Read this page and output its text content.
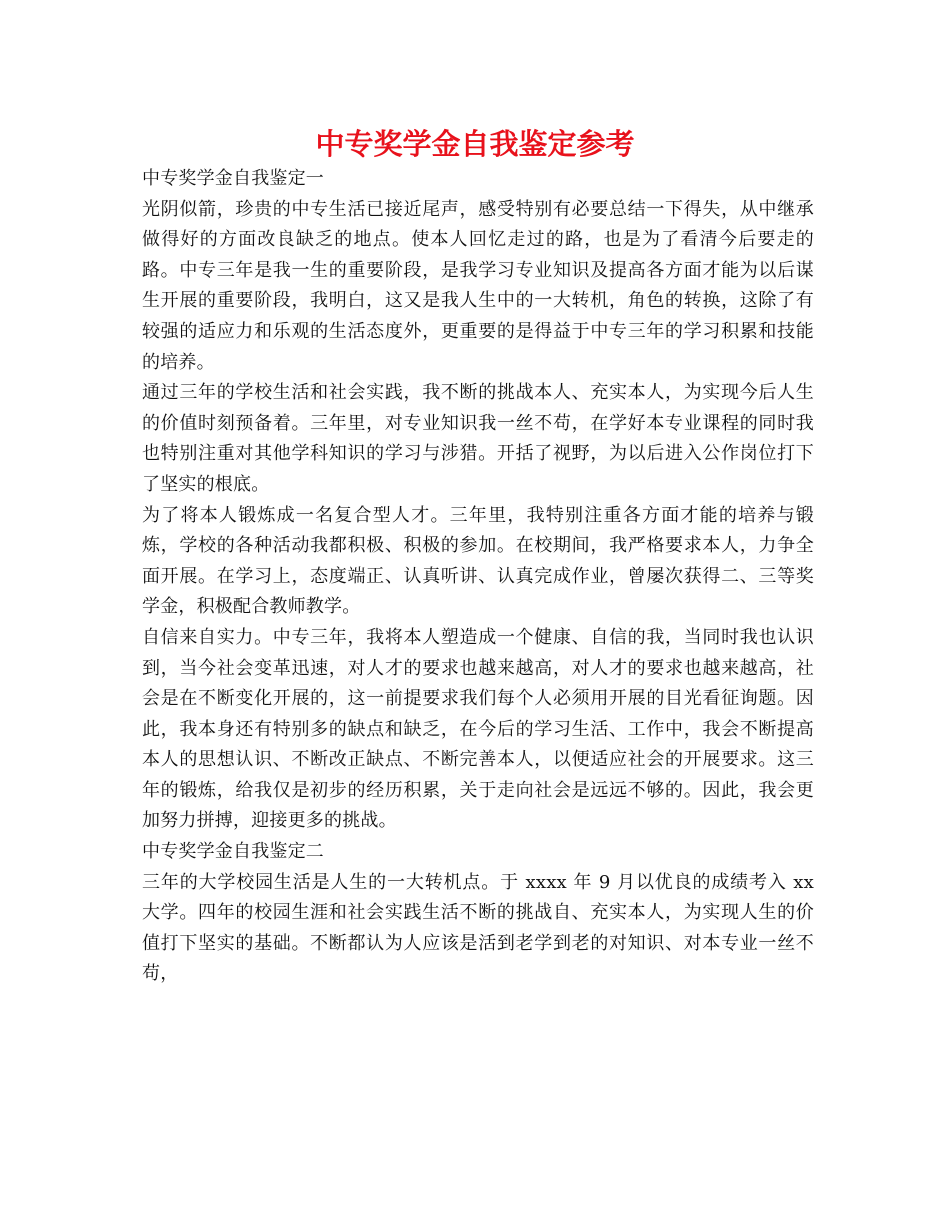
中专奖学金自我鉴定参考

中专奖学金自我鉴定一

光阴似箭，珍贵的中专生活已接近尾声，感受特别有必要总结一下得失，从中继承做得好的方面改良缺乏的地点。使本人回忆走过的路，也是为了看清今后要走的路。中专三年是我一生的重要阶段，是我学习专业知识及提高各方面才能为以后谋生开展的重要阶段，我明白，这又是我人生中的一大转机，角色的转换，这除了有较强的适应力和乐观的生活态度外，更重要的是得益于中专三年的学习积累和技能的培养。

通过三年的学校生活和社会实践，我不断的挑战本人、充实本人，为实现今后人生的价值时刻预备着。三年里，对专业知识我一丝不苟，在学好本专业课程的同时我也特别注重对其他学科知识的学习与涉猎。开括了视野，为以后进入公作岗位打下了坚实的根底。

为了将本人锻炼成一名复合型人才。三年里，我特别注重各方面才能的培养与锻炼，学校的各种活动我都积极、积极的参加。在校期间，我严格要求本人，力争全面开展。在学习上，态度端正、认真听讲、认真完成作业，曾屡次获得二、三等奖学金，积极配合教师教学。

自信来自实力。中专三年，我将本人塑造成一个健康、自信的我，当同时我也认识到，当今社会变革迅速，对人才的要求也越来越高，对人才的要求也越来越高，社会是在不断变化开展的，这一前提要求我们每个人必须用开展的目光看征询题。因此，我本身还有特别多的缺点和缺乏，在今后的学习生活、工作中，我会不断提高本人的思想认识、不断改正缺点、不断完善本人，以便适应社会的开展要求。这三年的锻炼，给我仅是初步的经历积累，关于走向社会是远远不够的。因此，我会更加努力拼搏，迎接更多的挑战。

中专奖学金自我鉴定二

三年的大学校园生活是人生的一大转机点。于 xxxx 年 9 月以优良的成绩考入 xx 大学。四年的校园生涯和社会实践生活不断的挑战自、充实本人，为实现人生的价值打下坚实的基础。不断都认为人应该是活到老学到老的对知识、对本专业一丝不苟，
